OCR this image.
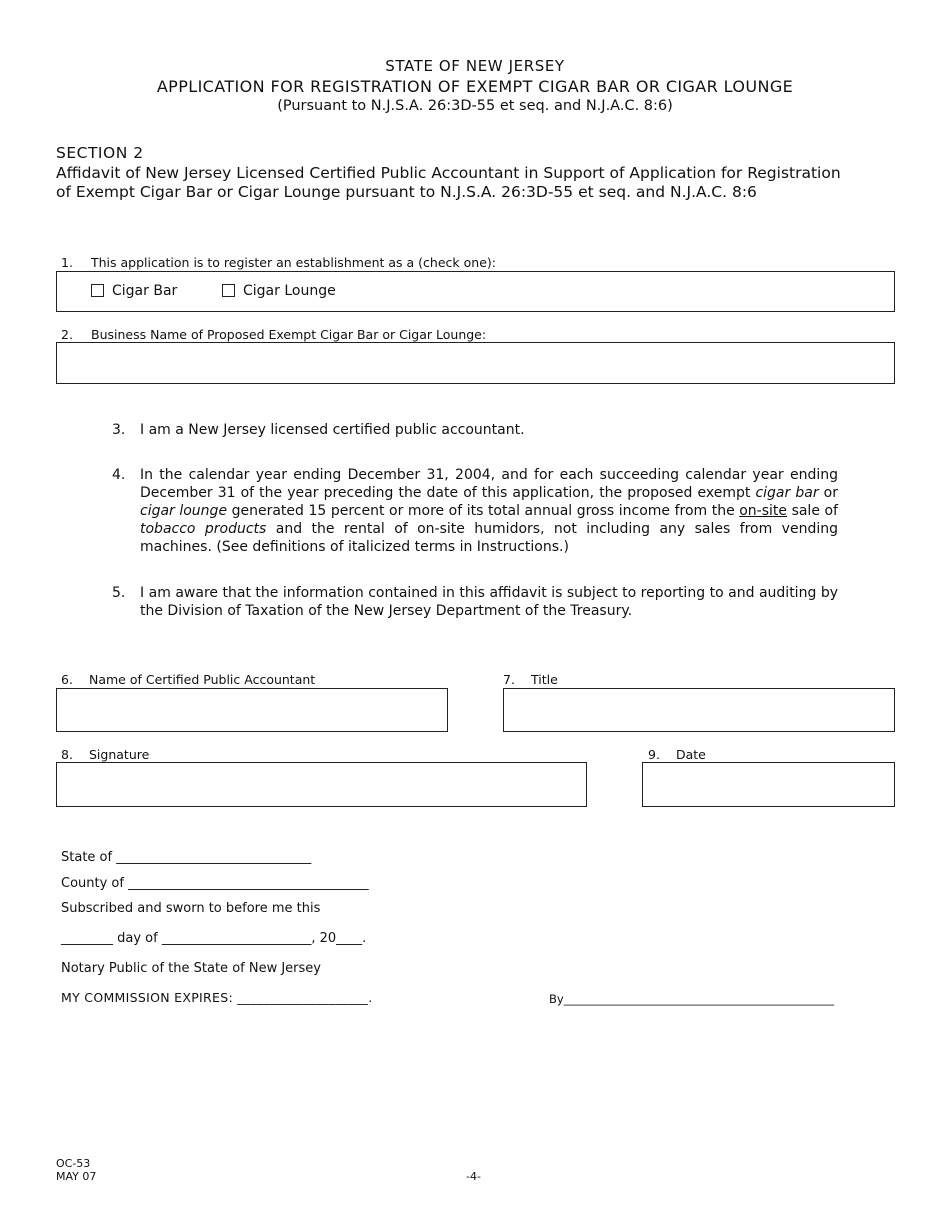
STATE OF NEW JERSEY
APPLICATION FOR REGISTRATION OF EXEMPT CIGAR BAR OR CIGAR LOUNGE
(Pursuant to N.J.S.A. 26:3D-55 et seq. and N.J.A.C. 8:6)
SECTION 2
Affidavit of New Jersey Licensed Certified Public Accountant in Support of Application for Registration
of Exempt Cigar Bar or Cigar Lounge pursuant to N.J.S.A. 26:3D-55 et seq. and N.J.A.C. 8:6
1. This application is to register an establishment as a (check one):
Cigar Bar	Cigar Lounge
2. Business Name of Proposed Exempt Cigar Bar or Cigar Lounge:
3. I am a New Jersey licensed certified public accountant.
4. In the calendar year ending December 31, 2004, and for each succeeding calendar year ending December 31 of the year preceding the date of this application, the proposed exempt cigar bar or cigar lounge generated 15 percent or more of its total annual gross income from the on-site sale of tobacco products and the rental of on-site humidors, not including any sales from vending machines. (See definitions of italicized terms in Instructions.)
5. I am aware that the information contained in this affidavit is subject to reporting to and auditing by the Division of Taxation of the New Jersey Department of the Treasury.
6. Name of Certified Public Accountant	7. Title
8. Signature	9. Date
State of ______________________________
County of _____________________________________
Subscribed and sworn to before me this
________ day of _______________________, 20____.
Notary Public of the State of New Jersey
MY COMMISSION EXPIRES: ____________________.	By_______________________________________________
OC-53
MAY 07	-4-
